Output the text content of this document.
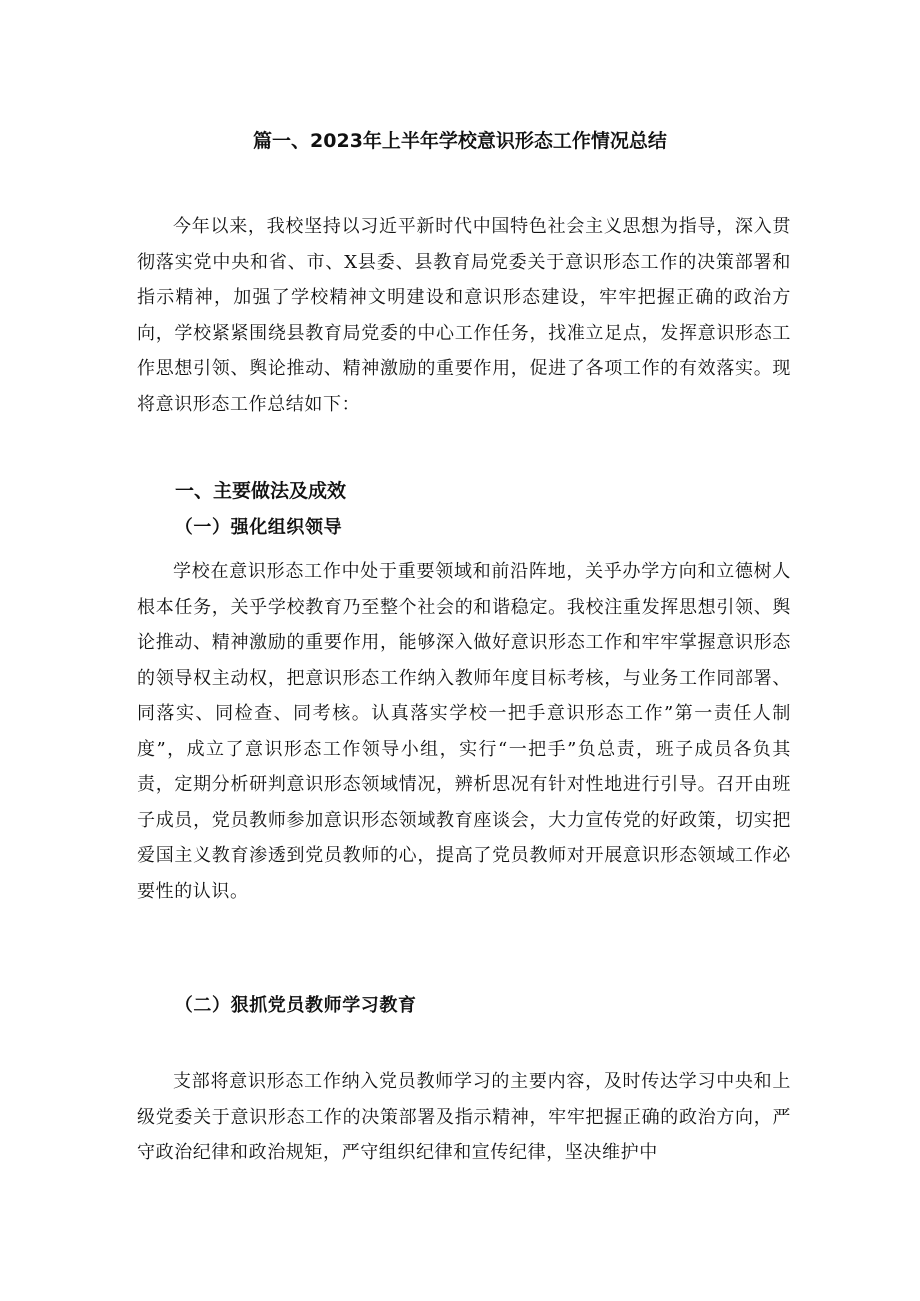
篇一、2023年上半年学校意识形态工作情况总结

今年以来，我校坚持以习近平新时代中国特色社会主义思想为指导，深入贯彻落实党中央和省、市、X县委、县教育局党委关于意识形态工作的决策部署和指示精神，加强了学校精神文明建设和意识形态建设，牢牢把握正确的政治方向，学校紧紧围绕县教育局党委的中心工作任务，找准立足点，发挥意识形态工作思想引领、舆论推动、精神激励的重要作用，促进了各项工作的有效落实。现将意识形态工作总结如下：

一、主要做法及成效
（一）强化组织领导

学校在意识形态工作中处于重要领域和前沿阵地，关乎办学方向和立德树人根本任务，关乎学校教育乃至整个社会的和谐稳定。我校注重发挥思想引领、舆论推动、精神激励的重要作用，能够深入做好意识形态工作和牢牢掌握意识形态的领导权主动权，把意识形态工作纳入教师年度目标考核，与业务工作同部署、同落实、同检查、同考核。认真落实学校一把手意识形态工作”第一责任人制度”，成立了意识形态工作领导小组，实行“一把手”负总责，班子成员各负其责，定期分析研判意识形态领域情况，辨析思况有针对性地进行引导。召开由班子成员，党员教师参加意识形态领域教育座谈会，大力宣传党的好政策，切实把爱国主义教育渗透到党员教师的心，提高了党员教师对开展意识形态领域工作必要性的认识。

（二）狠抓党员教师学习教育

支部将意识形态工作纳入党员教师学习的主要内容，及时传达学习中央和上级党委关于意识形态工作的决策部署及指示精神，牢牢把握正确的政治方向，严守政治纪律和政治规矩，严守组织纪律和宣传纪律，坚决维护中
